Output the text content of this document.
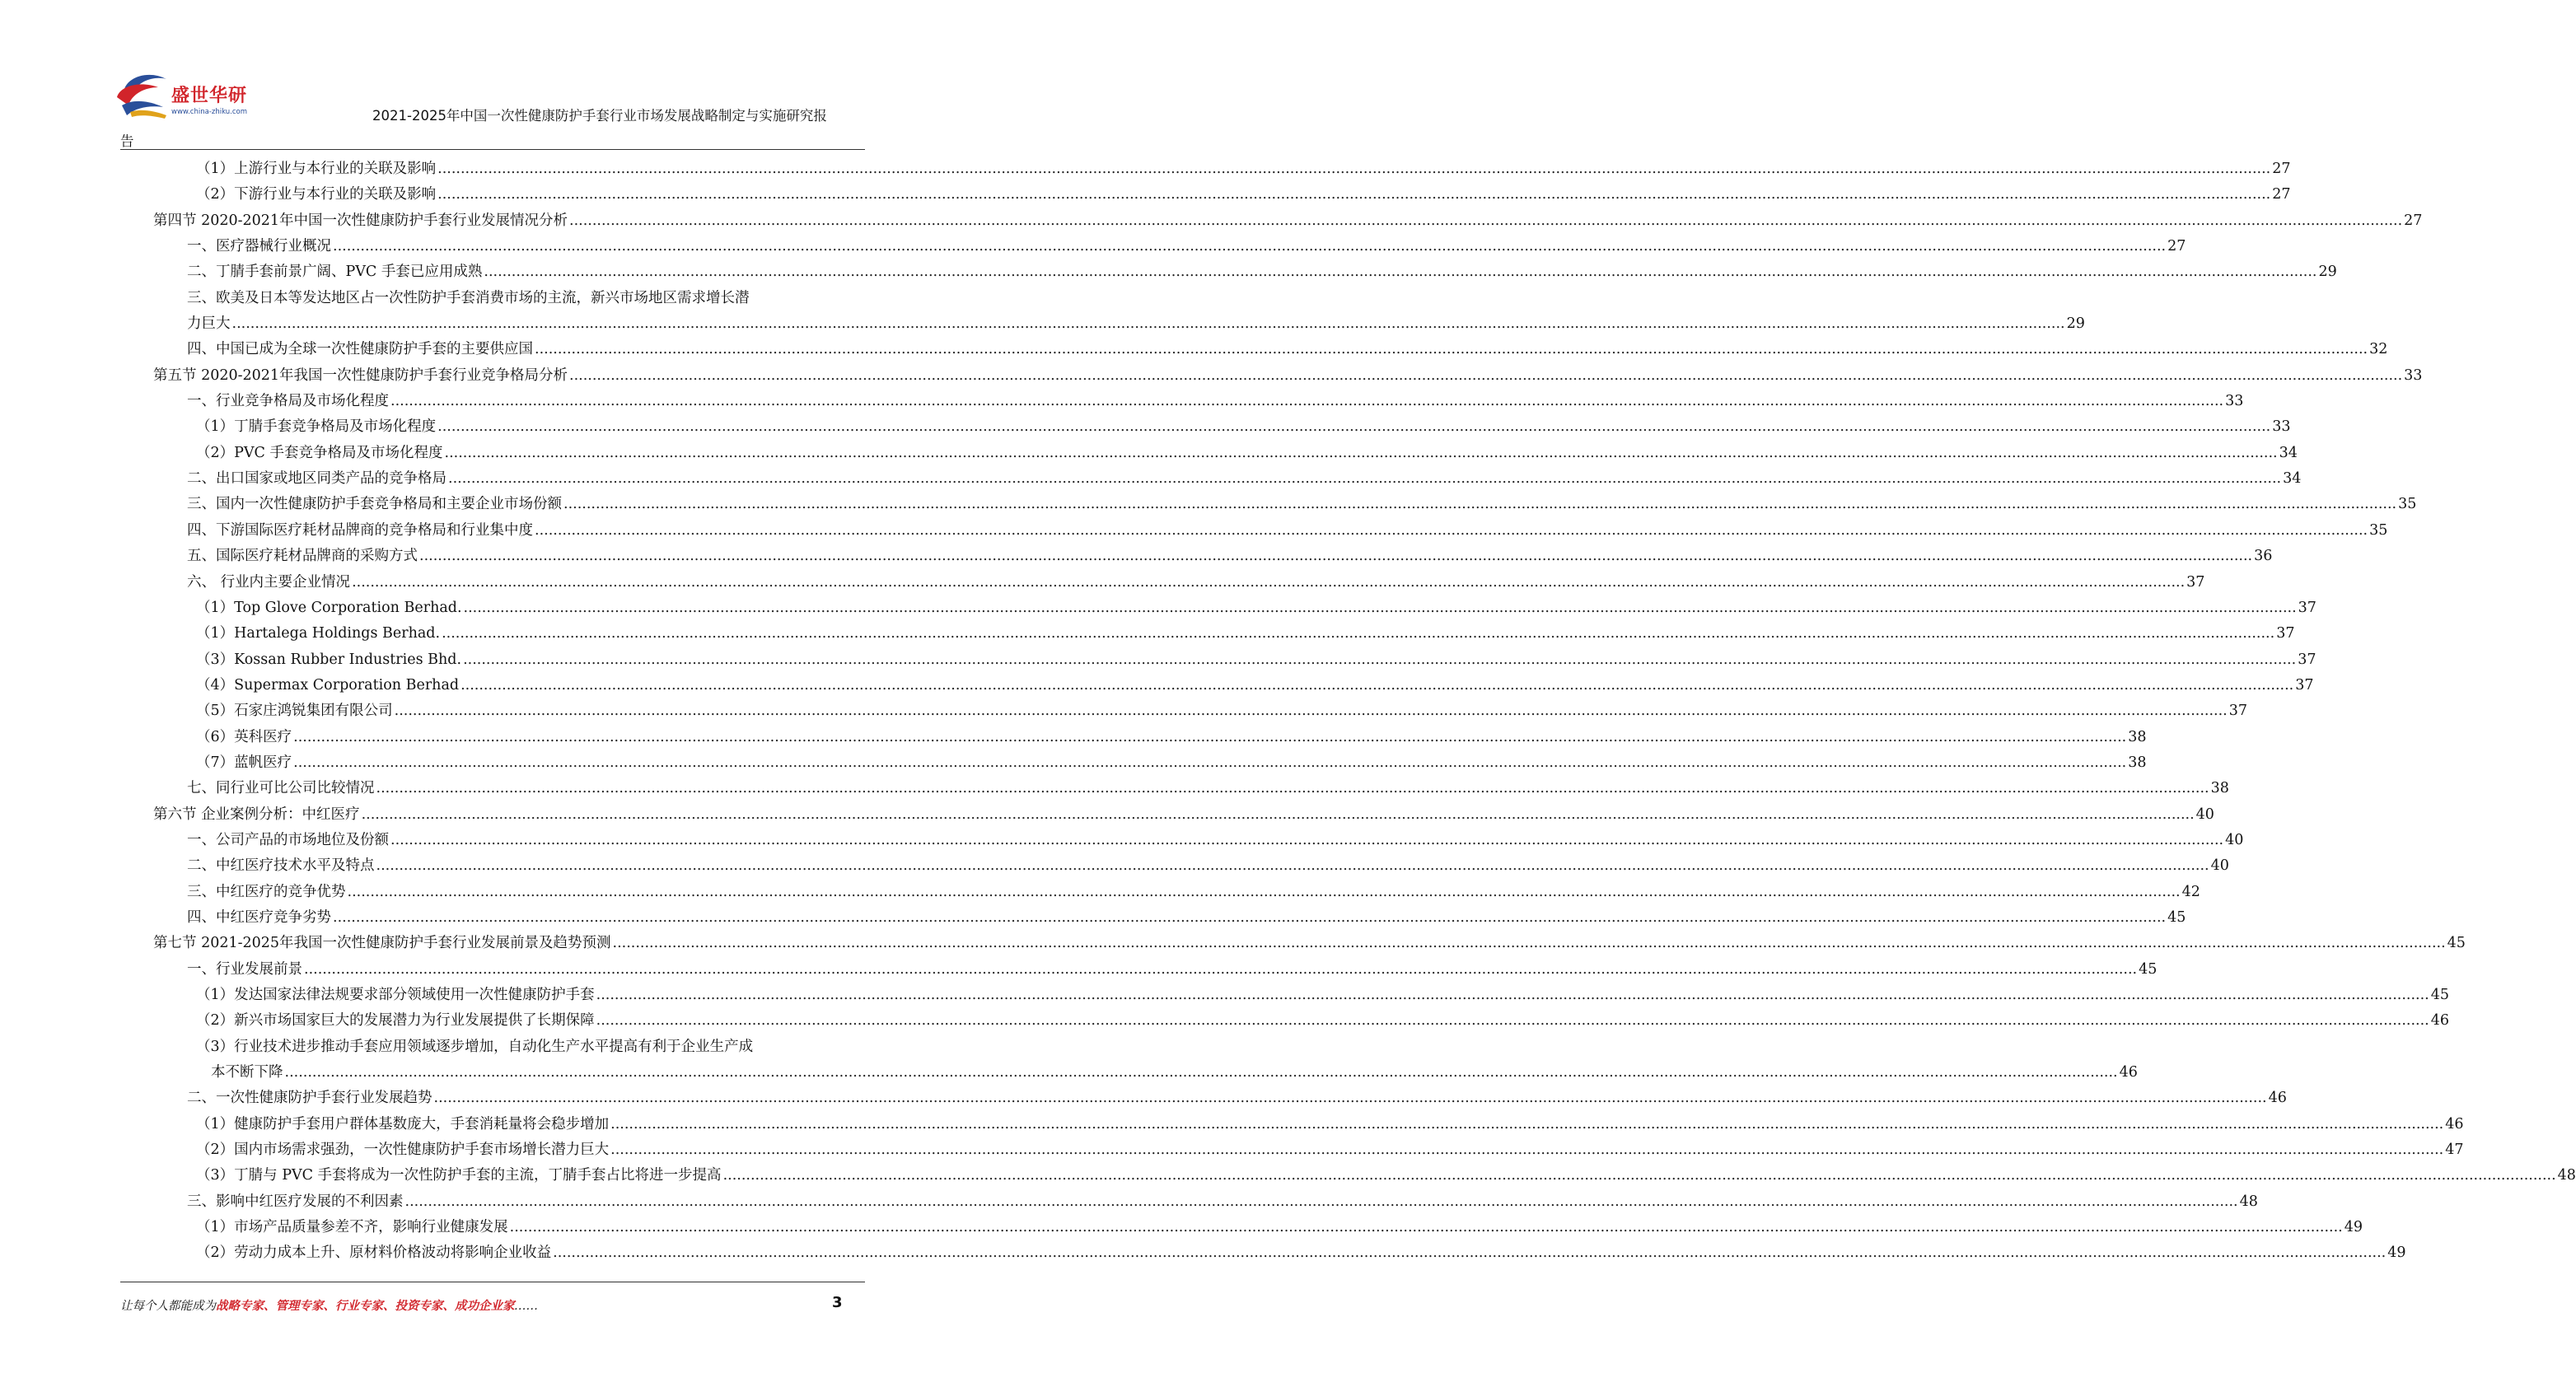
盛世华研
www.china-zhiku.com	2021-2025年中国一次性健康防护手套行业市场发展战略制定与实施研究报
告
（1）上游行业与本行业的关联及影响 ................................................................................................................................................................................................................................................................................................................................................................................................................ 27
（2）下游行业与本行业的关联及影响 ................................................................................................................................................................................................................................................................................................................................................................................................................ 27
第四节 2020-2021年中国一次性健康防护手套行业发展情况分析 ................................................................................................................................................................................................................................................................................................................................................................................................................ 27
一、医疗器械行业概况 ................................................................................................................................................................................................................................................................................................................................................................................................................ 27
二、丁腈手套前景广阔、PVC 手套已应用成熟 ................................................................................................................................................................................................................................................................................................................................................................................................................ 29
三、欧美及日本等发达地区占一次性防护手套消费市场的主流，新兴市场地区需求增长潜
力巨大 ................................................................................................................................................................................................................................................................................................................................................................................................................ 29
四、中国已成为全球一次性健康防护手套的主要供应国 ................................................................................................................................................................................................................................................................................................................................................................................................................ 32
第五节 2020-2021年我国一次性健康防护手套行业竞争格局分析 ................................................................................................................................................................................................................................................................................................................................................................................................................ 33
一、行业竞争格局及市场化程度 ................................................................................................................................................................................................................................................................................................................................................................................................................ 33
（1）丁腈手套竞争格局及市场化程度 ................................................................................................................................................................................................................................................................................................................................................................................................................ 33
（2）PVC 手套竞争格局及市场化程度 ................................................................................................................................................................................................................................................................................................................................................................................................................ 34
二、出口国家或地区同类产品的竞争格局 ................................................................................................................................................................................................................................................................................................................................................................................................................ 34
三、国内一次性健康防护手套竞争格局和主要企业市场份额 ................................................................................................................................................................................................................................................................................................................................................................................................................ 35
四、下游国际医疗耗材品牌商的竞争格局和行业集中度 ................................................................................................................................................................................................................................................................................................................................................................................................................ 35
五、国际医疗耗材品牌商的采购方式 ................................................................................................................................................................................................................................................................................................................................................................................................................ 36
六、 行业内主要企业情况 ................................................................................................................................................................................................................................................................................................................................................................................................................ 37
（1）Top Glove Corporation Berhad. ................................................................................................................................................................................................................................................................................................................................................................................................................ 37
（1）Hartalega Holdings Berhad. ................................................................................................................................................................................................................................................................................................................................................................................................................ 37
（3）Kossan Rubber Industries Bhd. ................................................................................................................................................................................................................................................................................................................................................................................................................ 37
（4）Supermax Corporation Berhad ................................................................................................................................................................................................................................................................................................................................................................................................................ 37
（5）石家庄鸿锐集团有限公司 ................................................................................................................................................................................................................................................................................................................................................................................................................ 37
（6）英科医疗 ................................................................................................................................................................................................................................................................................................................................................................................................................ 38
（7）蓝帆医疗 ................................................................................................................................................................................................................................................................................................................................................................................................................ 38
七、同行业可比公司比较情况 ................................................................................................................................................................................................................................................................................................................................................................................................................ 38
第六节 企业案例分析：中红医疗 ................................................................................................................................................................................................................................................................................................................................................................................................................ 40
一、公司产品的市场地位及份额 ................................................................................................................................................................................................................................................................................................................................................................................................................ 40
二、中红医疗技术水平及特点 ................................................................................................................................................................................................................................................................................................................................................................................................................ 40
三、中红医疗的竞争优势 ................................................................................................................................................................................................................................................................................................................................................................................................................ 42
四、中红医疗竞争劣势 ................................................................................................................................................................................................................................................................................................................................................................................................................ 45
第七节 2021-2025年我国一次性健康防护手套行业发展前景及趋势预测 ................................................................................................................................................................................................................................................................................................................................................................................................................ 45
一、行业发展前景 ................................................................................................................................................................................................................................................................................................................................................................................................................ 45
（1）发达国家法律法规要求部分领域使用一次性健康防护手套 ................................................................................................................................................................................................................................................................................................................................................................................................................ 45
（2）新兴市场国家巨大的发展潜力为行业发展提供了长期保障 ................................................................................................................................................................................................................................................................................................................................................................................................................ 46
（3）行业技术进步推动手套应用领域逐步增加，自动化生产水平提高有利于企业生产成
本不断下降 ................................................................................................................................................................................................................................................................................................................................................................................................................ 46
二、一次性健康防护手套行业发展趋势 ................................................................................................................................................................................................................................................................................................................................................................................................................ 46
（1）健康防护手套用户群体基数庞大，手套消耗量将会稳步增加 ................................................................................................................................................................................................................................................................................................................................................................................................................ 46
（2）国内市场需求强劲，一次性健康防护手套市场增长潜力巨大 ................................................................................................................................................................................................................................................................................................................................................................................................................ 47
（3）丁腈与 PVC 手套将成为一次性防护手套的主流，丁腈手套占比将进一步提高 ................................................................................................................................................................................................................................................................................................................................................................................................................ 48
三、影响中红医疗发展的不利因素 ................................................................................................................................................................................................................................................................................................................................................................................................................ 48
（1）市场产品质量参差不齐，影响行业健康发展 ................................................................................................................................................................................................................................................................................................................................................................................................................ 49
（2）劳动力成本上升、原材料价格波动将影响企业收益 ................................................................................................................................................................................................................................................................................................................................................................................................................ 49
让每个人都能成为战略专家、管理专家、行业专家、投资专家、成功企业家……	3
